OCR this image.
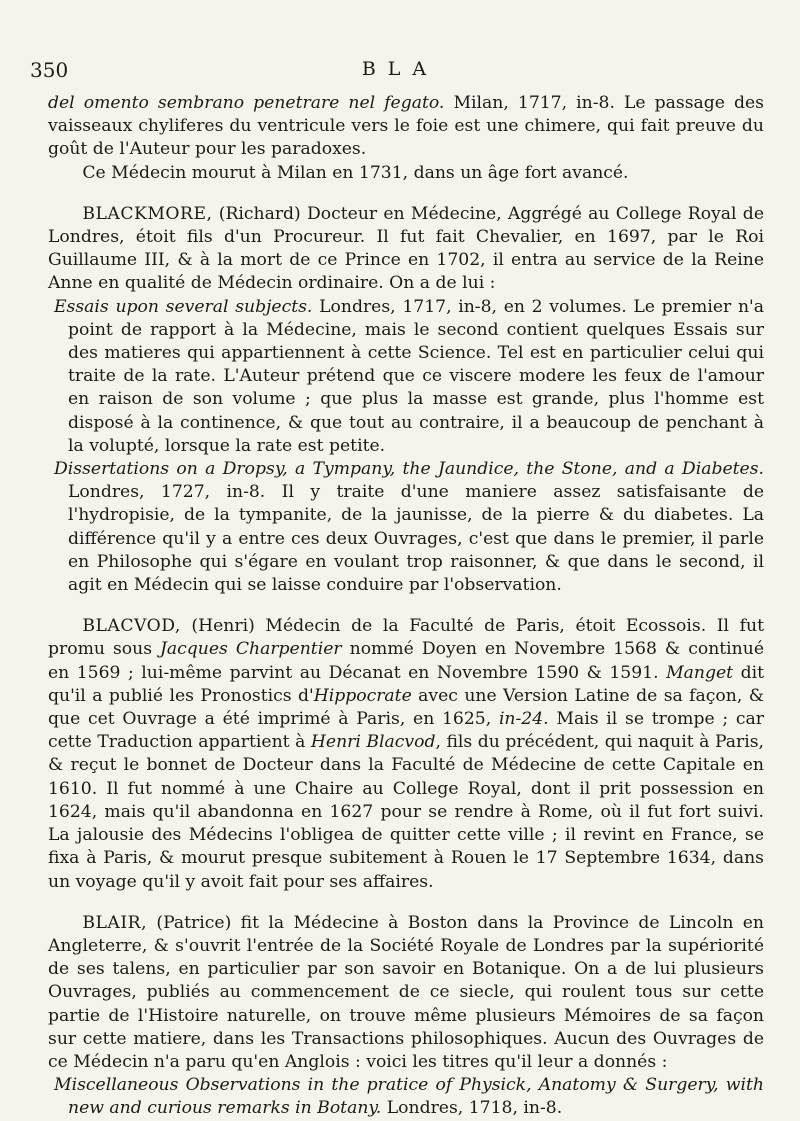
350	BLA

del omento sembrano penetrare nel fegato. Milan, 1717, in-8. Le passage des vaisseaux chyliferes du ventricule vers le foie est une chimere, qui fait preuve du goût de l'Auteur pour les paradoxes.

Ce Médecin mourut à Milan en 1731, dans un âge fort avancé.

BLACKMORE, (Richard) Docteur en Médecine, Aggrégé au College Royal de Londres, étoit fils d'un Procureur. Il fut fait Chevalier, en 1697, par le Roi Guillaume III, & à la mort de ce Prince en 1702, il entra au service de la Reine Anne en qualité de Médecin ordinaire. On a de lui :

Essais upon several subjects. Londres, 1717, in-8, en 2 volumes. Le premier n'a point de rapport à la Médecine, mais le second contient quelques Essais sur des matieres qui appartiennent à cette Science. Tel est en particulier celui qui traite de la rate. L'Auteur prétend que ce viscere modere les feux de l'amour en raison de son volume ; que plus la masse est grande, plus l'homme est disposé à la continence, & que tout au contraire, il a beaucoup de penchant à la volupté, lorsque la rate est petite.

Dissertations on a Dropsy, a Tympany, the Jaundice, the Stone, and a Diabetes. Londres, 1727, in-8. Il y traite d'une maniere assez satisfaisante de l'hydropisie, de la tympanite, de la jaunisse, de la pierre & du diabetes. La différence qu'il y a entre ces deux Ouvrages, c'est que dans le premier, il parle en Philosophe qui s'égare en voulant trop raisonner, & que dans le second, il agit en Médecin qui se laisse conduire par l'observation.

BLACVOD, (Henri) Médecin de la Faculté de Paris, étoit Ecossois. Il fut promu sous Jacques Charpentier nommé Doyen en Novembre 1568 & continué en 1569 ; lui-même parvint au Décanat en Novembre 1590 & 1591. Manget dit qu'il a publié les Pronostics d'Hippocrate avec une Version Latine de sa façon, & que cet Ouvrage a été imprimé à Paris, en 1625, in-24. Mais il se trompe ; car cette Traduction appartient à Henri Blacvod, fils du précédent, qui naquit à Paris, & reçut le bonnet de Docteur dans la Faculté de Médecine de cette Capitale en 1610. Il fut nommé à une Chaire au College Royal, dont il prit possession en 1624, mais qu'il abandonna en 1627 pour se rendre à Rome, où il fut fort suivi. La jalousie des Médecins l'obligea de quitter cette ville ; il revint en France, se fixa à Paris, & mourut presque subitement à Rouen le 17 Septembre 1634, dans un voyage qu'il y avoit fait pour ses affaires.

BLAIR, (Patrice) fit la Médecine à Boston dans la Province de Lincoln en Angleterre, & s'ouvrit l'entrée de la Société Royale de Londres par la supériorité de ses talens, en particulier par son savoir en Botanique. On a de lui plusieurs Ouvrages, publiés au commencement de ce siecle, qui roulent tous sur cette partie de l'Histoire naturelle, on trouve même plusieurs Mémoires de sa façon sur cette matiere, dans les Transactions philosophiques. Aucun des Ouvrages de ce Médecin n'a paru qu'en Anglois : voici les titres qu'il leur a donnés :

Miscellaneous Observations in the pratice of Physick, Anatomy & Surgery, with new and curious remarks in Botany. Londres, 1718, in-8.
